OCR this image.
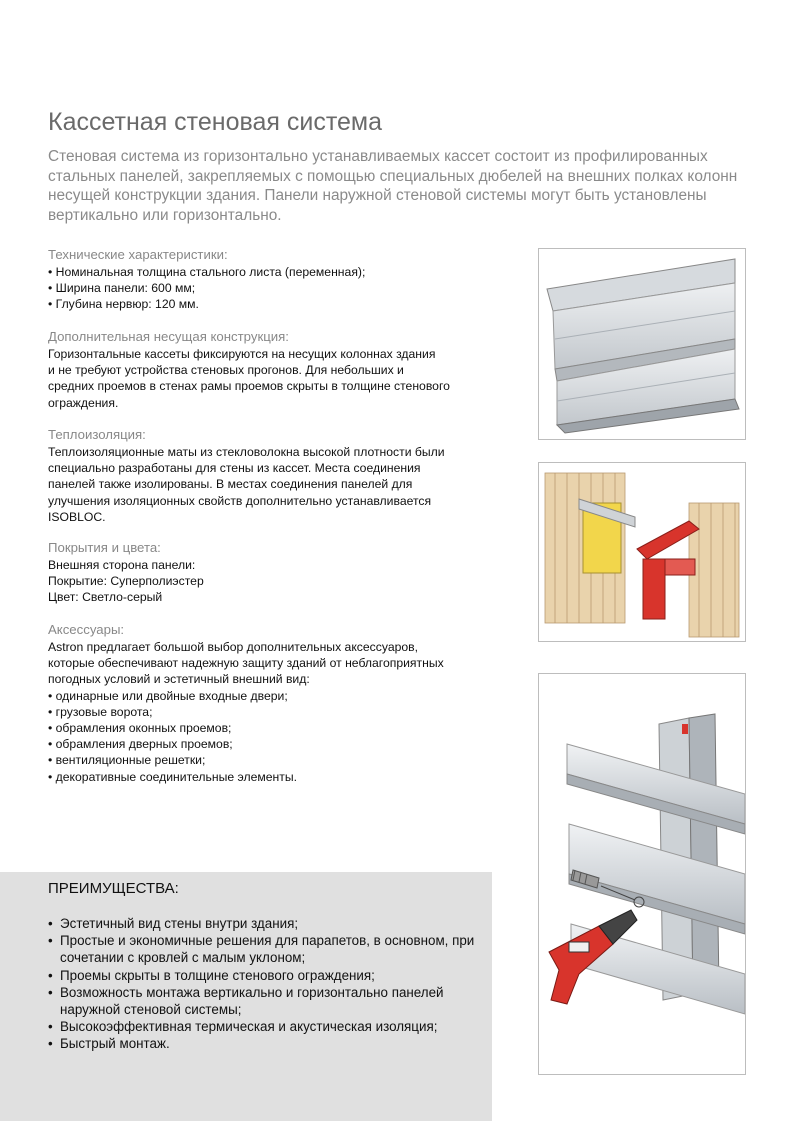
Кассетная стеновая система

Стеновая система из горизонтально устанавливаемых кассет состоит из профилированных стальных панелей, закрепляемых с помощью специальных дюбелей на внешних полках колонн несущей конструкции здания. Панели наружной стеновой системы могут быть установлены вертикально или горизонтально.

Технические характеристики:

• Номинальная толщина стального листа (переменная);
• Ширина панели: 600 мм;
• Глубина нервюр: 120 мм.

Дополнительная несущая конструкция:

Горизонтальные кассеты фиксируются на несущих колоннах здания
и не требуют устройства стеновых прогонов. Для небольших и
средних проемов в стенах рамы проемов скрыты в толщине стенового
ограждения.

Теплоизоляция:

Теплоизоляционные маты из стекловолокна высокой плотности были
специально разработаны для стены из кассет. Места соединения
панелей также изолированы. В местах соединения панелей для
улучшения изоляционных свойств дополнительно устанавливается
ISOBLOC.

Покрытия и цвета:

Внешняя сторона панели:
Покрытие: Суперполиэстер
Цвет: Светло-серый

Аксессуары:

Astron предлагает большой выбор дополнительных аксессуаров,
которые обеспечивают надежную защиту зданий от неблагоприятных
погодных условий и эстетичный внешний вид:
• одинарные или двойные входные двери;
• грузовые ворота;
• обрамления оконных проемов;
• обрамления дверных проемов;
• вентиляционные решетки;
• декоративные соединительные элементы.

ПРЕИМУЩЕСТВА:

• Эстетичный вид стены внутри здания;
• Простые и экономичные решения для парапетов, в основном, при сочетании с кровлей с малым уклоном;
• Проемы скрыты в толщине стенового ограждения;
• Возможность монтажа вертикально и горизонтально панелей наружной стеновой системы;
• Высокоэффективная термическая и акустическая изоляция;
• Быстрый монтаж.
